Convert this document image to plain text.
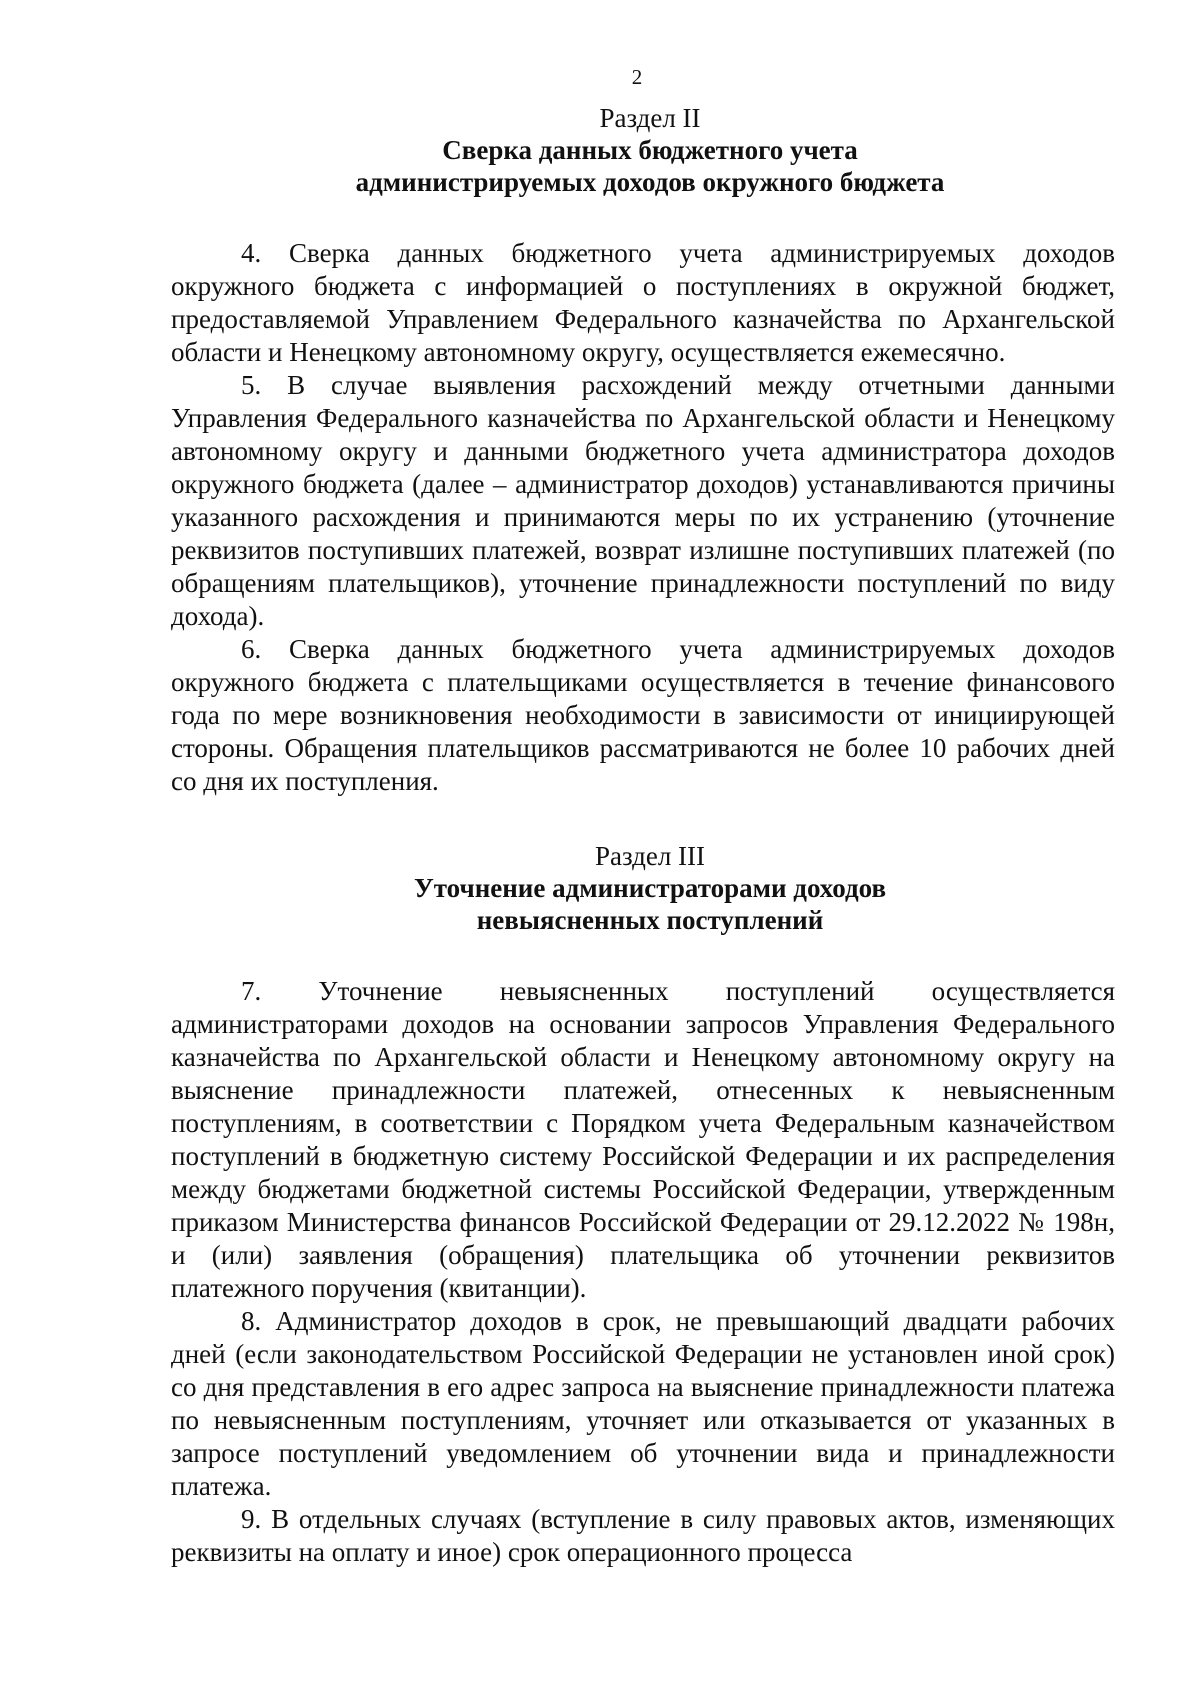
2

Раздел II

Сверка данных бюджетного учета

администрируемых доходов окружного бюджета

4. Сверка данных бюджетного учета администрируемых доходов окружного бюджета с информацией о поступлениях в окружной бюджет, предоставляемой Управлением Федерального казначейства по Архангельской области и Ненецкому автономному округу, осуществляется ежемесячно.

5. В случае выявления расхождений между отчетными данными Управления Федерального казначейства по Архангельской области и Ненецкому автономному округу и данными бюджетного учета администратора доходов окружного бюджета (далее – администратор доходов) устанавливаются причины указанного расхождения и принимаются меры по их устранению (уточнение реквизитов поступивших платежей, возврат излишне поступивших платежей (по обращениям плательщиков), уточнение принадлежности поступлений по виду дохода).

6. Сверка данных бюджетного учета администрируемых доходов окружного бюджета с плательщиками осуществляется в течение финансового года по мере возникновения необходимости в зависимости от инициирующей стороны. Обращения плательщиков рассматриваются не более 10 рабочих дней со дня их поступления.

Раздел III

Уточнение администраторами доходов

невыясненных поступлений

7. Уточнение невыясненных поступлений осуществляется администраторами доходов на основании запросов Управления Федерального казначейства по Архангельской области и Ненецкому автономному округу на выяснение принадлежности платежей, отнесенных к невыясненным поступлениям, в соответствии с Порядком учета Федеральным казначейством поступлений в бюджетную систему Российской Федерации и их распределения между бюджетами бюджетной системы Российской Федерации, утвержденным приказом Министерства финансов Российской Федерации от 29.12.2022 № 198н, и (или) заявления (обращения) плательщика об уточнении реквизитов платежного поручения (квитанции).

8. Администратор доходов в срок, не превышающий двадцати рабочих дней (если законодательством Российской Федерации не установлен иной срок) со дня представления в его адрес запроса на выяснение принадлежности платежа по невыясненным поступлениям, уточняет или отказывается от указанных в запросе поступлений уведомлением об уточнении вида и принадлежности платежа.

9. В отдельных случаях (вступление в силу правовых актов, изменяющих реквизиты на оплату и иное) срок операционного процесса
